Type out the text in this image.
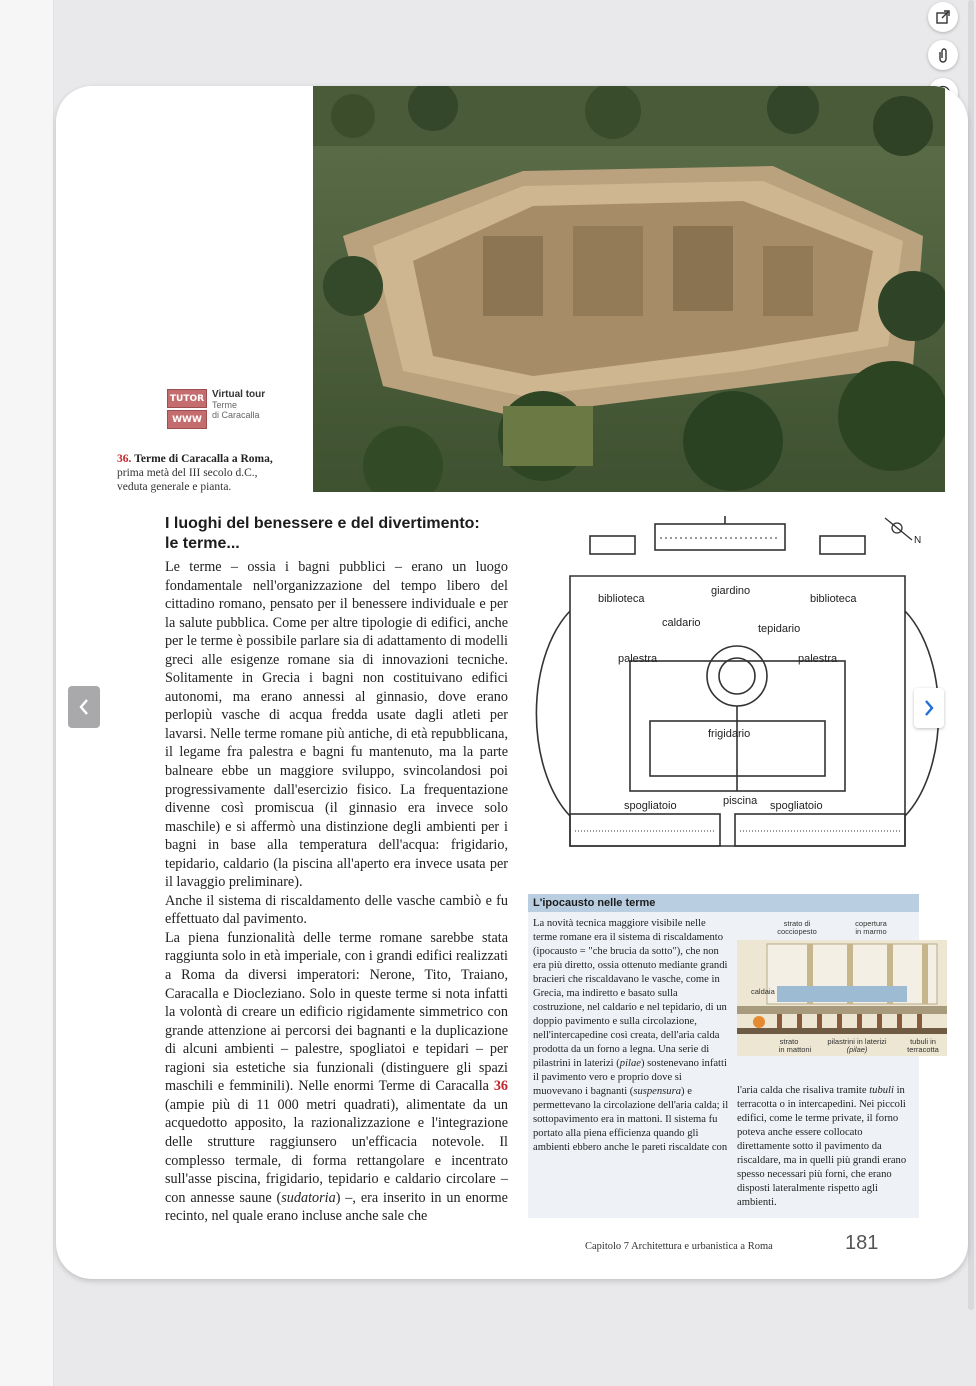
TUTOR
WWW
Virtual tour
Terme
di Caracalla
36. Terme di Caracalla a Roma,
prima metà del III secolo d.C.,
veduta generale e pianta.
I luoghi del benessere e del divertimento:
le terme...

Le terme – ossia i bagni pubblici – erano un luogo fondamentale nell'organizzazione del tempo libero del cittadino romano, pensato per il benessere individuale e per la salute pubblica. Come per altre tipologie di edifici, anche per le terme è possibile parlare sia di adattamento di modelli greci alle esigenze romane sia di innovazioni tecniche. Solitamente in Grecia i bagni non costituivano edifici autonomi, ma erano annessi al ginnasio, dove erano perlopiù vasche di acqua fredda usate dagli atleti per lavarsi. Nelle terme romane più antiche, di età repubblicana, il legame fra palestra e bagni fu mantenuto, ma la parte balneare ebbe un maggiore sviluppo, svincolandosi poi progressivamente dall'esercizio fisico. La frequentazione divenne così promiscua (il ginnasio era invece solo maschile) e si affermò una distinzione degli ambienti per i bagni in base alla temperatura dell'acqua: frigidario, tepidario, caldario (la piscina all'aperto era invece usata per il lavaggio preliminare).

Anche il sistema di riscaldamento delle vasche cambiò e fu effettuato dal pavimento.

La piena funzionalità delle terme romane sarebbe stata raggiunta solo in età imperiale, con i grandi edifici realizzati a Roma da diversi imperatori: Nerone, Tito, Traiano, Caracalla e Diocleziano. Solo in queste terme si nota infatti la volontà di creare un edificio rigidamente simmetrico con grande attenzione ai percorsi dei bagnanti e la duplicazione di alcuni ambienti – palestre, spogliatoi e tepidari – per ragioni sia estetiche sia funzionali (distinguere gli spazi maschili e femminili). Nelle enormi Terme di Caracalla 36 (ampie più di 11 000 metri quadrati), alimentate da un acquedotto apposito, la razionalizzazione e l'integrazione delle strutture raggiunsero un'efficacia notevole. Il complesso termale, di forma rettangolare e incentrato sull'asse piscina, frigidario, tepidario e caldario circolare – con annesse saune (sudatoria) –, era inserito in un enorme recinto, nel quale erano incluse anche sale che

N
biblioteca
giardino
biblioteca
caldario	tepidario
palestra	palestra
frigidario
spogliatoio	piscina spogliatoio
L'ipocausto nelle terme

La novità tecnica maggiore visibile nelle terme romane era il sistema di riscaldamento (ipocausto = "che brucia da sotto"), che non era più diretto, ossia ottenuto mediante grandi bracieri che riscaldavano le vasche, come in Grecia, ma indiretto e basato sulla costruzione, nel caldario e nel tepidario, di un doppio pavimento e sulla circolazione, nell'intercapedine così creata, dell'aria calda prodotta da un forno a legna. Una serie di pilastrini in laterizi (pilae) sostenevano infatti il pavimento vero e proprio dove si muovevano i bagnanti (suspensura) e permettevano la circolazione dell'aria calda; il sottopavimento era in mattoni. Il sistema fu portato alla piena efficienza quando gli ambienti ebbero anche le pareti riscaldate con

l'aria calda che risaliva tramite tubuli in terracotta o in intercapedini. Nei piccoli edifici, come le terme private, il forno poteva anche essere collocato direttamente sotto il pavimento da riscaldare, ma in quelli più grandi erano spesso necessari più forni, che erano disposti lateralmente rispetto agli ambienti.

strato di
cocciopesto
copertura
in marmo
caldaia
strato
in mattoni
pilastrini in laterizi
(pilae)
tubuli in
terracotta
Capitolo 7 Architettura e urbanistica a Roma	181
